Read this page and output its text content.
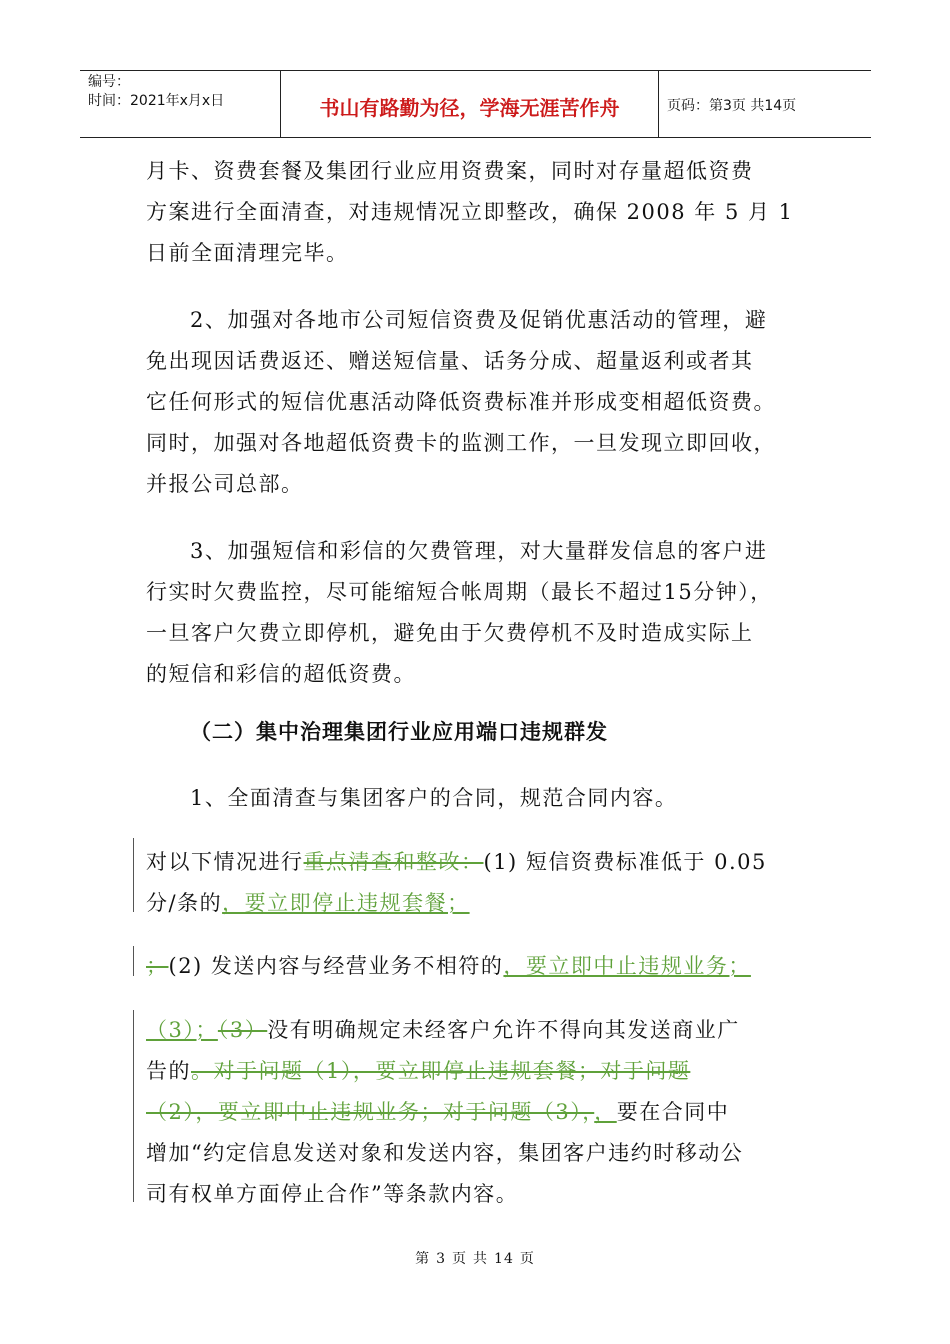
编号：
时间：2021年x月x日	书山有路勤为径，学海无涯苦作舟	页码：第3页 共14页
月卡、资费套餐及集团行业应用资费案，同时对存量超低资费
方案进行全面清查，对违规情况立即整改，确保 2008 年 5 月 1
日前全面清理完毕。
2、加强对各地市公司短信资费及促销优惠活动的管理，避
免出现因话费返还、赠送短信量、话务分成、超量返利或者其
它任何形式的短信优惠活动降低资费标准并形成变相超低资费。
同时，加强对各地超低资费卡的监测工作，一旦发现立即回收，
并报公司总部。
3、加强短信和彩信的欠费管理，对大量群发信息的客户进
行实时欠费监控，尽可能缩短合帐周期（最长不超过15分钟），
一旦客户欠费立即停机，避免由于欠费停机不及时造成实际上
的短信和彩信的超低资费。
（二）集中治理集团行业应用端口违规群发
1、全面清查与集团客户的合同，规范合同内容。
对以下情况进行重点清查和整改：(1) 短信资费标准低于 0.05
分/条的，要立即停止违规套餐；
；(2) 发送内容与经营业务不相符的，要立即中止违规业务；
（3）；（3）没有明确规定未经客户允许不得向其发送商业广
告的。对于问题（1），要立即停止违规套餐；对于问题
（2），要立即中止违规业务；对于问题（3），，要在合同中
增加“约定信息发送对象和发送内容，集团客户违约时移动公
司有权单方面停止合作”等条款内容。
第 3 页 共 14 页
